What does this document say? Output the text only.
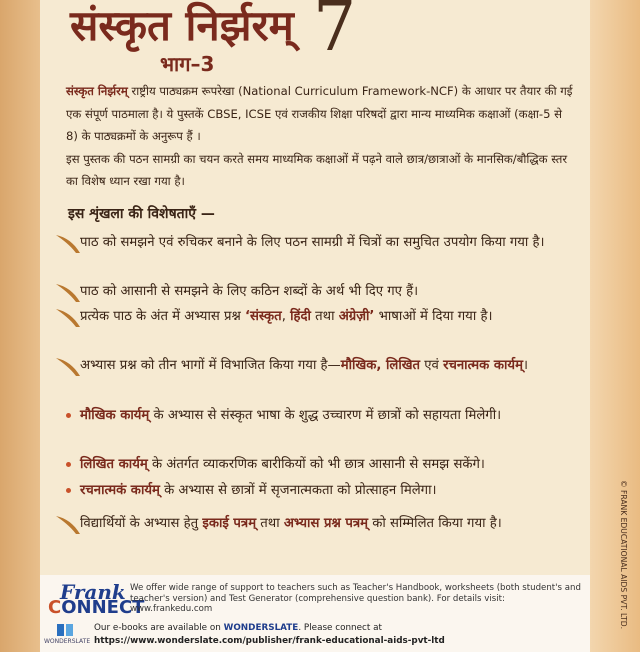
संस्कृत निर्झरम् 7
भाग–3

संस्कृत निर्झरम् राष्ट्रीय पाठ्यक्रम रूपरेखा (National Curriculum Framework-NCF) के आधार पर तैयार की गई एक संपूर्ण पाठमाला है। ये पुस्तकें CBSE, ICSE एवं राजकीय शिक्षा परिषदों द्वारा मान्य माध्यमिक कक्षाओं (कक्षा-5 से 8) के पाठ्यक्रमों के अनुरूप हैं ।

इस पुस्तक की पठन सामग्री का चयन करते समय माध्यमिक कक्षाओं में पढ़ने वाले छात्र/छात्राओं के मानसिक/बौद्धिक स्तर का विशेष ध्यान रखा गया है।

इस शृंखला की विशेषताएँ —
पाठ को समझने एवं रुचिकर बनाने के लिए पठन सामग्री में चित्रों का समुचित उपयोग किया गया है।
पाठ को आसानी से समझने के लिए कठिन शब्दों के अर्थ भी दिए गए हैं।
प्रत्येक पाठ के अंत में अभ्यास प्रश्न ‘संस्कृत, हिंदी तथा अंग्रेज़ी’ भाषाओं में दिया गया है।
अभ्यास प्रश्न को तीन भागों में विभाजित किया गया है—मौखिक, लिखित एवं रचनात्मक कार्यम्।
मौखिक कार्यम् के अभ्यास से संस्कृत भाषा के शुद्ध उच्चारण में छात्रों को सहायता मिलेगी।
लिखित कार्यम् के अंतर्गत व्याकरणिक बारीकियों को भी छात्र आसानी से समझ सकेंगे।
रचनात्मकं कार्यम् के अभ्यास से छात्रों में सृजनात्मकता को प्रोत्साहन मिलेगा।
विद्यार्थियों के अभ्यास हेतु इकाई पत्रम् तथा अभ्यास प्रश्न पत्रम् को सम्मिलित किया गया है।
Frank
CONNECT
We offer wide range of support to teachers such as Teacher's Handbook, worksheets (both student's and teacher's version) and Test Generator (comprehensive question bank). For details visit: www.frankedu.com
WONDERSLATE
Our e-books are available on WONDERSLATE. Please connect at
https://www.wonderslate.com/publisher/frank-educational-aids-pvt-ltd
© FRANK EDUCATIONAL AIDS PVT. LTD.
